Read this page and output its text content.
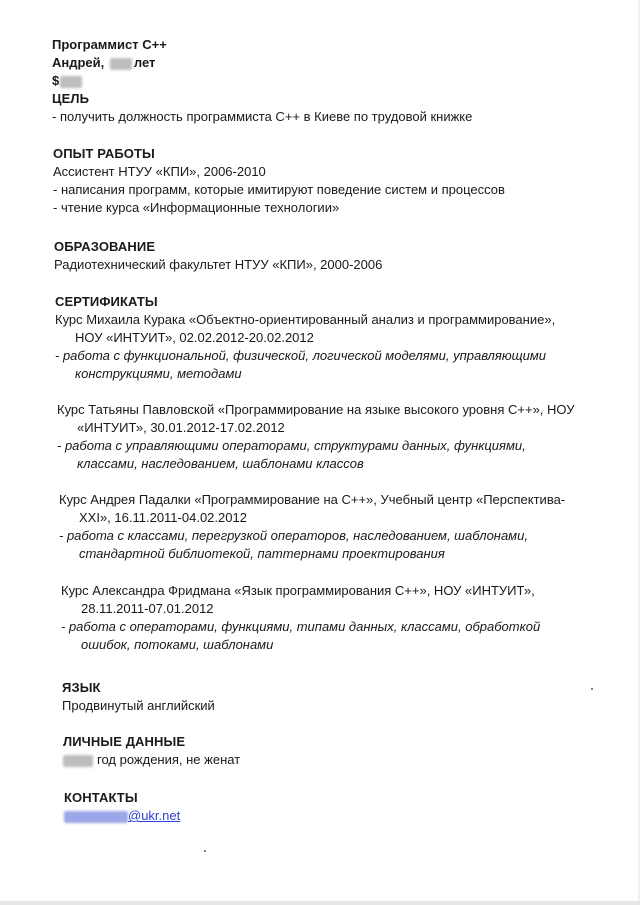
Программист С++
Андрей, лет
$
ЦЕЛЬ
- получить должность программиста С++ в Киеве по трудовой книжке
ОПЫТ РАБОТЫ
Ассистент НТУУ «КПИ», 2006-2010
- написания программ, которые имитируют поведение систем и процессов
- чтение курса «Информационные технологии»
ОБРАЗОВАНИЕ
Радиотехнический факультет НТУУ «КПИ», 2000-2006
СЕРТИФИКАТЫ
Курс Михаила Курака «Объектно-ориентированный анализ и программирование»,
НОУ «ИНТУИТ», 02.02.2012-20.02.2012
- работа с функциональной, физической, логической моделями, управляющими
конструкциями, методами
Курс Татьяны Павловской «Программирование на языке высокого уровня С++», НОУ
«ИНТУИТ», 30.01.2012-17.02.2012
- работа с управляющими операторами, структурами данных, функциями,
классами, наследованием, шаблонами классов
Курс Андрея Падалки «Программирование на С++», Учебный центр «Перспектива-
XXI», 16.11.2011-04.02.2012
- работа с классами, перегрузкой операторов, наследованием, шаблонами,
стандартной библиотекой, паттернами проектирования
Курс Александра Фридмана «Язык программирования С++», НОУ «ИНТУИТ»,
28.11.2011-07.01.2012
- работа с операторами, функциями, типами данных, классами, обработкой
ошибок, потоками, шаблонами
ЯЗЫК
Продвинутый английский
ЛИЧНЫЕ ДАННЫЕ
год рождения, не женат
КОНТАКТЫ
@ukr.net
